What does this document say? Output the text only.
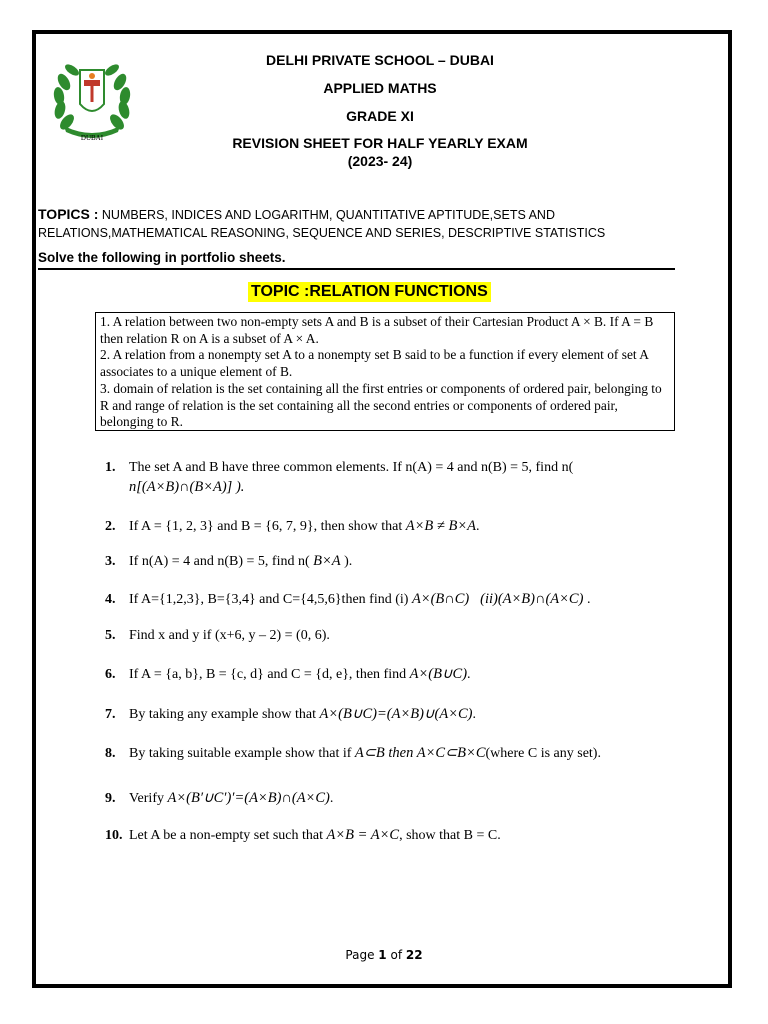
DELHI PRIVATE SCHOOL – DUBAI
APPLIED MATHS
GRADE XI
REVISION SHEET FOR HALF YEARLY EXAM
(2023- 24)
DUBAI
TOPICS : NUMBERS, INDICES AND LOGARITHM, QUANTITATIVE APTITUDE,SETS AND RELATIONS,MATHEMATICAL REASONING, SEQUENCE AND SERIES, DESCRIPTIVE STATISTICS
Solve the following in portfolio sheets.
TOPIC :RELATION FUNCTIONS

1. A relation between two non-empty sets A and B is a subset of their Cartesian Product A × B. If A = B then relation R on A is a subset of A × A.

2. A relation from a nonempty set A to a nonempty set B said to be a function if every element of set A associates to a unique element of B.

3. domain of relation is the set containing all the first entries or components of ordered pair, belonging to R and range of relation is the set containing all the second entries or components of ordered pair, belonging to R.

1. The set A and B have three common elements. If n(A) = 4 and n(B) = 5, find n(
n[(A×B)∩(B×A)] ).
2. If A = {1, 2, 3} and B = {6, 7, 9}, then show that A×B ≠ B×A.
3. If n(A) = 4 and n(B) = 5, find n( B×A ).
4. If A={1,2,3}, B={3,4} and C={4,5,6}then find (i) A×(B∩C)   (ii)(A×B)∩(A×C) .
5. Find x and y if (x+6, y – 2) = (0, 6).
6. If A = {a, b}, B = {c, d} and C = {d, e}, then find A×(B∪C).
7. By taking any example show that A×(B∪C)=(A×B)∪(A×C).
8. By taking suitable example show that if A⊂B then A×C⊂B×C(where C is any set).
9. Verify A×(B′∪C′)′=(A×B)∩(A×C).
10. Let A be a non-empty set such that A×B = A×C, show that B = C.
Page 1 of 22
